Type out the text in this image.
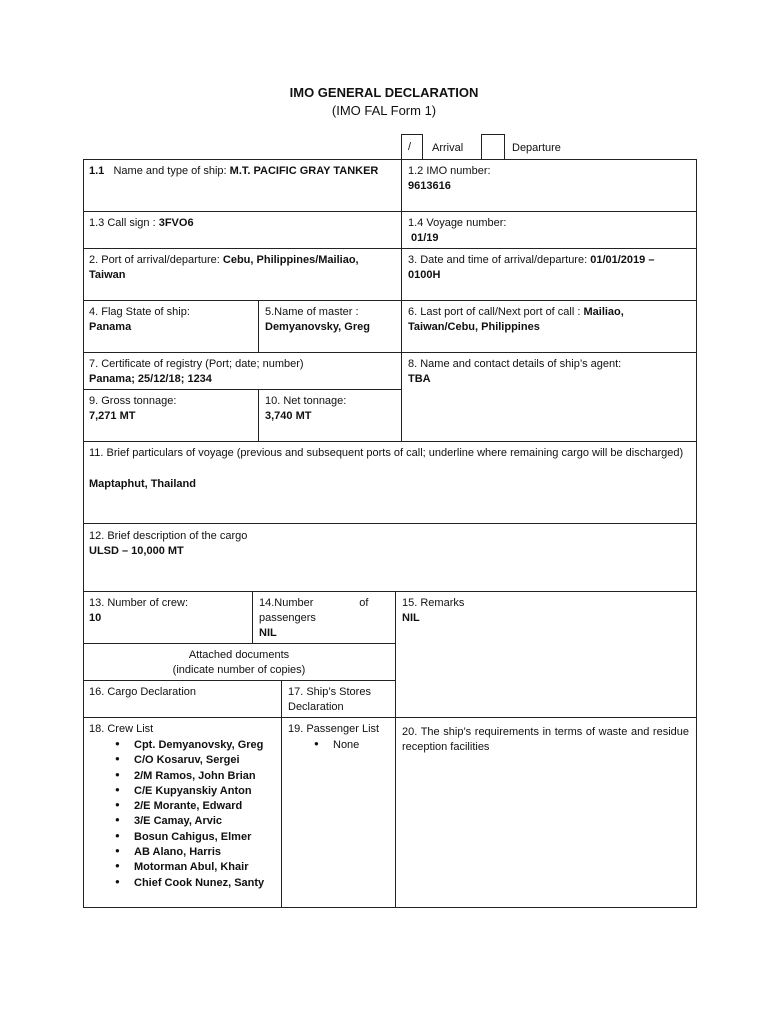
IMO GENERAL DECLARATION
(IMO FAL Form 1)
/ Arrival	Departure
1.1 Name and type of ship: M.T. PACIFIC GRAY TANKER	1.2 IMO number:
9613616
1.3 Call sign : 3FVO6	1.4 Voyage number:
01/19
2. Port of arrival/departure: Cebu, Philippines/Mailiao,
Taiwan
3. Date and time of arrival/departure: 01/01/2019 –
0100H
4. Flag State of ship:
Panama
5.Name of master :
Demyanovsky, Greg
6. Last port of call/Next port of call : Mailiao,
Taiwan/Cebu, Philippines
7. Certificate of registry (Port; date; number)
Panama; 25/12/18; 1234
8. Name and contact details of ship’s agent:
TBA
9. Gross tonnage:
7,271 MT
10. Net tonnage:
3,740 MT
11. Brief particulars of voyage (previous and subsequent ports of call; underline where remaining cargo will be discharged)
Maptaphut, Thailand
12. Brief description of the cargo
ULSD – 10,000 MT
13. Number of crew:
10
14.Number               of
passengers
NIL
15. Remarks
NIL
Attached documents
(indicate number of copies)
16. Cargo Declaration	17. Ship’s Stores
Declaration
18. Crew List
● Cpt. Demyanovsky, Greg
● C/O Kosaruv, Sergei
● 2/M Ramos, John Brian
● C/E Kupyanskiy Anton
● 2/E Morante, Edward
● 3/E Camay, Arvic
● Bosun Cahigus, Elmer
● AB Alano, Harris
● Motorman Abul, Khair
● Chief Cook Nunez, Santy
19. Passenger List
● None
20. The ship’s requirements in terms of waste and residue reception facilities
